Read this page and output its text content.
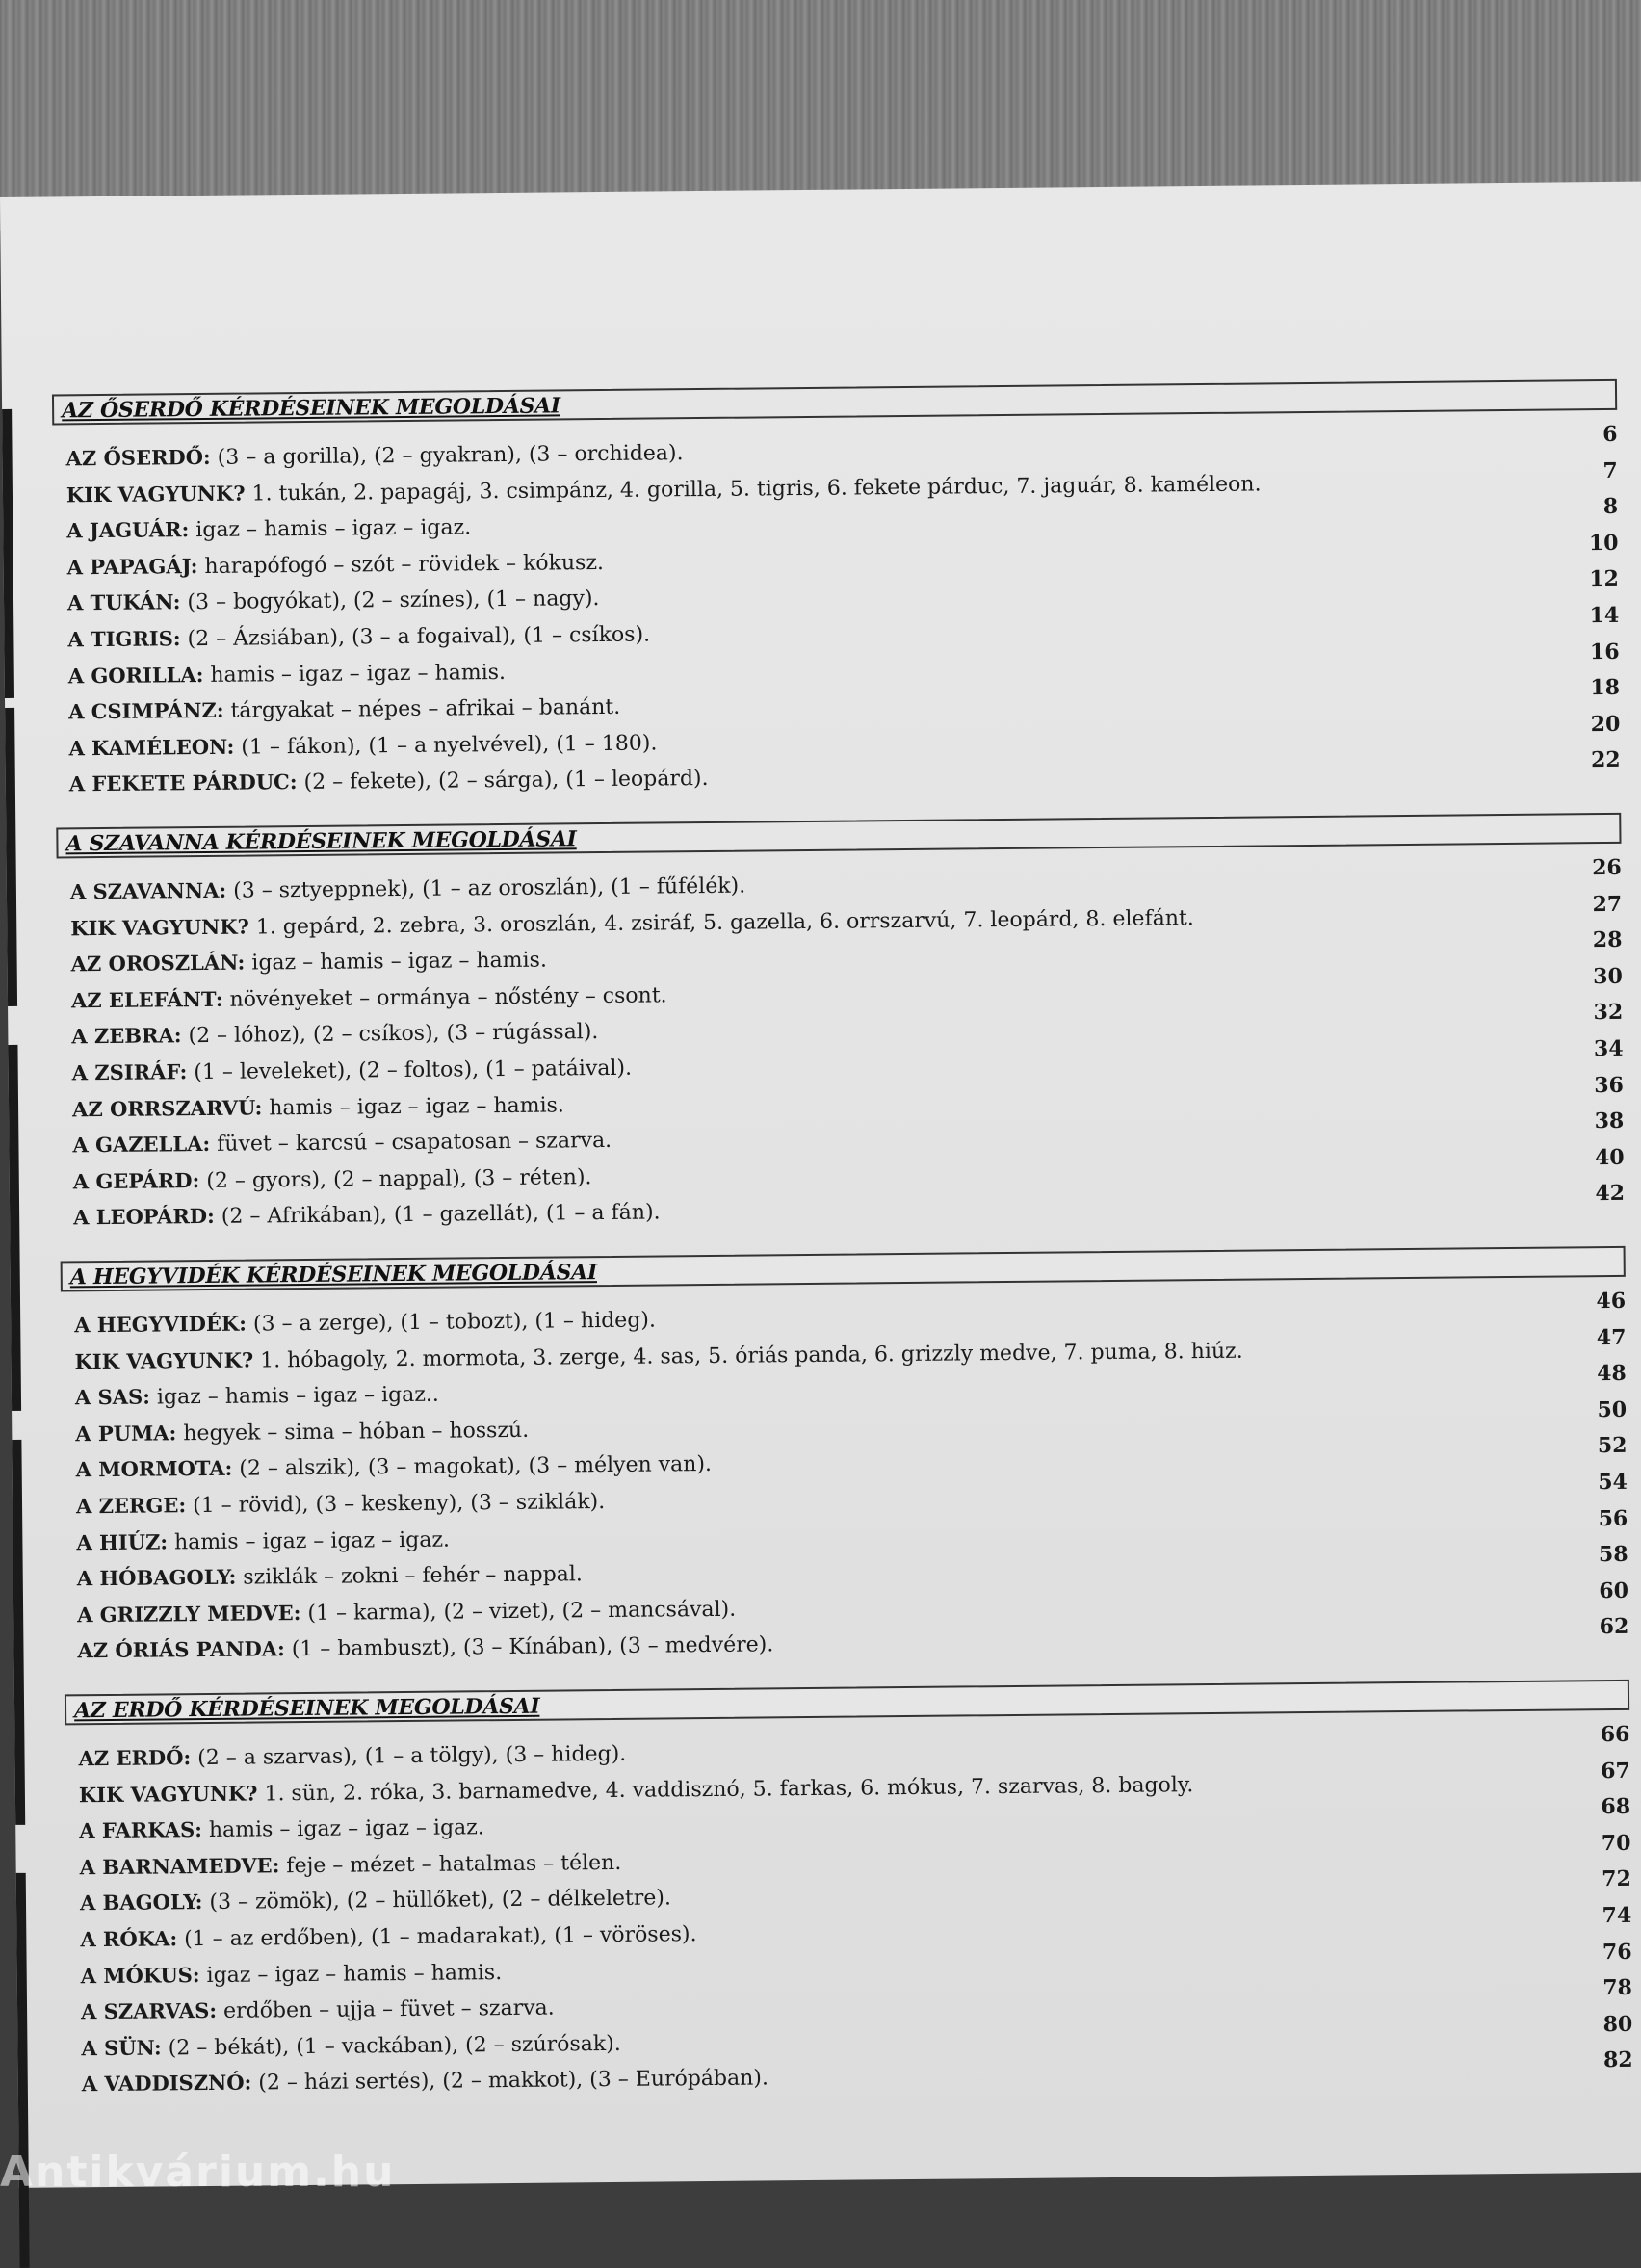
AZ ŐSERDŐ KÉRDÉSEINEK MEGOLDÁSAI
AZ ŐSERDŐ: (3 – a gorilla), (2 – gyakran), (3 – orchidea).
6
KIK VAGYUNK? 1. tukán, 2. papagáj, 3. csimpánz, 4. gorilla, 5. tigris, 6. fekete párduc, 7. jaguár, 8. kaméleon.
7
A JAGUÁR: igaz – hamis – igaz – igaz.
8
A PAPAGÁJ: harapófogó – szót – rövidek – kókusz.
10
A TUKÁN: (3 – bogyókat), (2 – színes), (1 – nagy).
12
A TIGRIS: (2 – Ázsiában), (3 – a fogaival), (1 – csíkos).
14
A GORILLA: hamis – igaz – igaz – hamis.
16
A CSIMPÁNZ: tárgyakat – népes – afrikai – banánt.
18
A KAMÉLEON: (1 – fákon), (1 – a nyelvével), (1 – 180).
20
A FEKETE PÁRDUC: (2 – fekete), (2 – sárga), (1 – leopárd).
22
A SZAVANNA KÉRDÉSEINEK MEGOLDÁSAI
A SZAVANNA: (3 – sztyeppnek), (1 – az oroszlán), (1 – fűfélék).
26
KIK VAGYUNK? 1. gepárd, 2. zebra, 3. oroszlán, 4. zsiráf, 5. gazella, 6. orrszarvú, 7. leopárd, 8. elefánt.
27
AZ OROSZLÁN: igaz – hamis – igaz – hamis.
28
AZ ELEFÁNT: növényeket – ormánya – nőstény – csont.
30
A ZEBRA: (2 – lóhoz), (2 – csíkos), (3 – rúgással).
32
A ZSIRÁF: (1 – leveleket), (2 – foltos), (1 – patáival).
34
AZ ORRSZARVÚ: hamis – igaz – igaz – hamis.
36
A GAZELLA: füvet – karcsú – csapatosan – szarva.
38
A GEPÁRD: (2 – gyors), (2 – nappal), (3 – réten).
40
A LEOPÁRD: (2 – Afrikában), (1 – gazellát), (1 – a fán).
42
A HEGYVIDÉK KÉRDÉSEINEK MEGOLDÁSAI
A HEGYVIDÉK: (3 – a zerge), (1 – tobozt), (1 – hideg).
46
KIK VAGYUNK? 1. hóbagoly, 2. mormota, 3. zerge, 4. sas, 5. óriás panda, 6. grizzly medve, 7. puma, 8. hiúz.
47
A SAS: igaz – hamis – igaz – igaz..
48
A PUMA: hegyek – sima – hóban – hosszú.
50
A MORMOTA: (2 – alszik), (3 – magokat), (3 – mélyen van).
52
A ZERGE: (1 – rövid), (3 – keskeny), (3 – sziklák).
54
A HIÚZ: hamis – igaz – igaz – igaz.
56
A HÓBAGOLY: sziklák – zokni – fehér – nappal.
58
A GRIZZLY MEDVE: (1 – karma), (2 – vizet), (2 – mancsával).
60
AZ ÓRIÁS PANDA: (1 – bambuszt), (3 – Kínában), (3 – medvére).
62
AZ ERDŐ KÉRDÉSEINEK MEGOLDÁSAI
AZ ERDŐ: (2 – a szarvas), (1 – a tölgy), (3 – hideg).
66
KIK VAGYUNK? 1. sün, 2. róka, 3. barnamedve, 4. vaddisznó, 5. farkas, 6. mókus, 7. szarvas, 8. bagoly.
67
A FARKAS: hamis – igaz – igaz – igaz.
68
A BARNAMEDVE: feje – mézet – hatalmas – télen.
70
A BAGOLY: (3 – zömök), (2 – hüllőket), (2 – délkeletre).
72
A RÓKA: (1 – az erdőben), (1 – madarakat), (1 – vöröses).
74
A MÓKUS: igaz – igaz – hamis – hamis.
76
A SZARVAS: erdőben – ujja – füvet – szarva.
78
A SÜN: (2 – békát), (1 – vackában), (2 – szúrósak).
80
A VADDISZNÓ: (2 – házi sertés), (2 – makkot), (3 – Európában).
82
Antikvárium.hu
